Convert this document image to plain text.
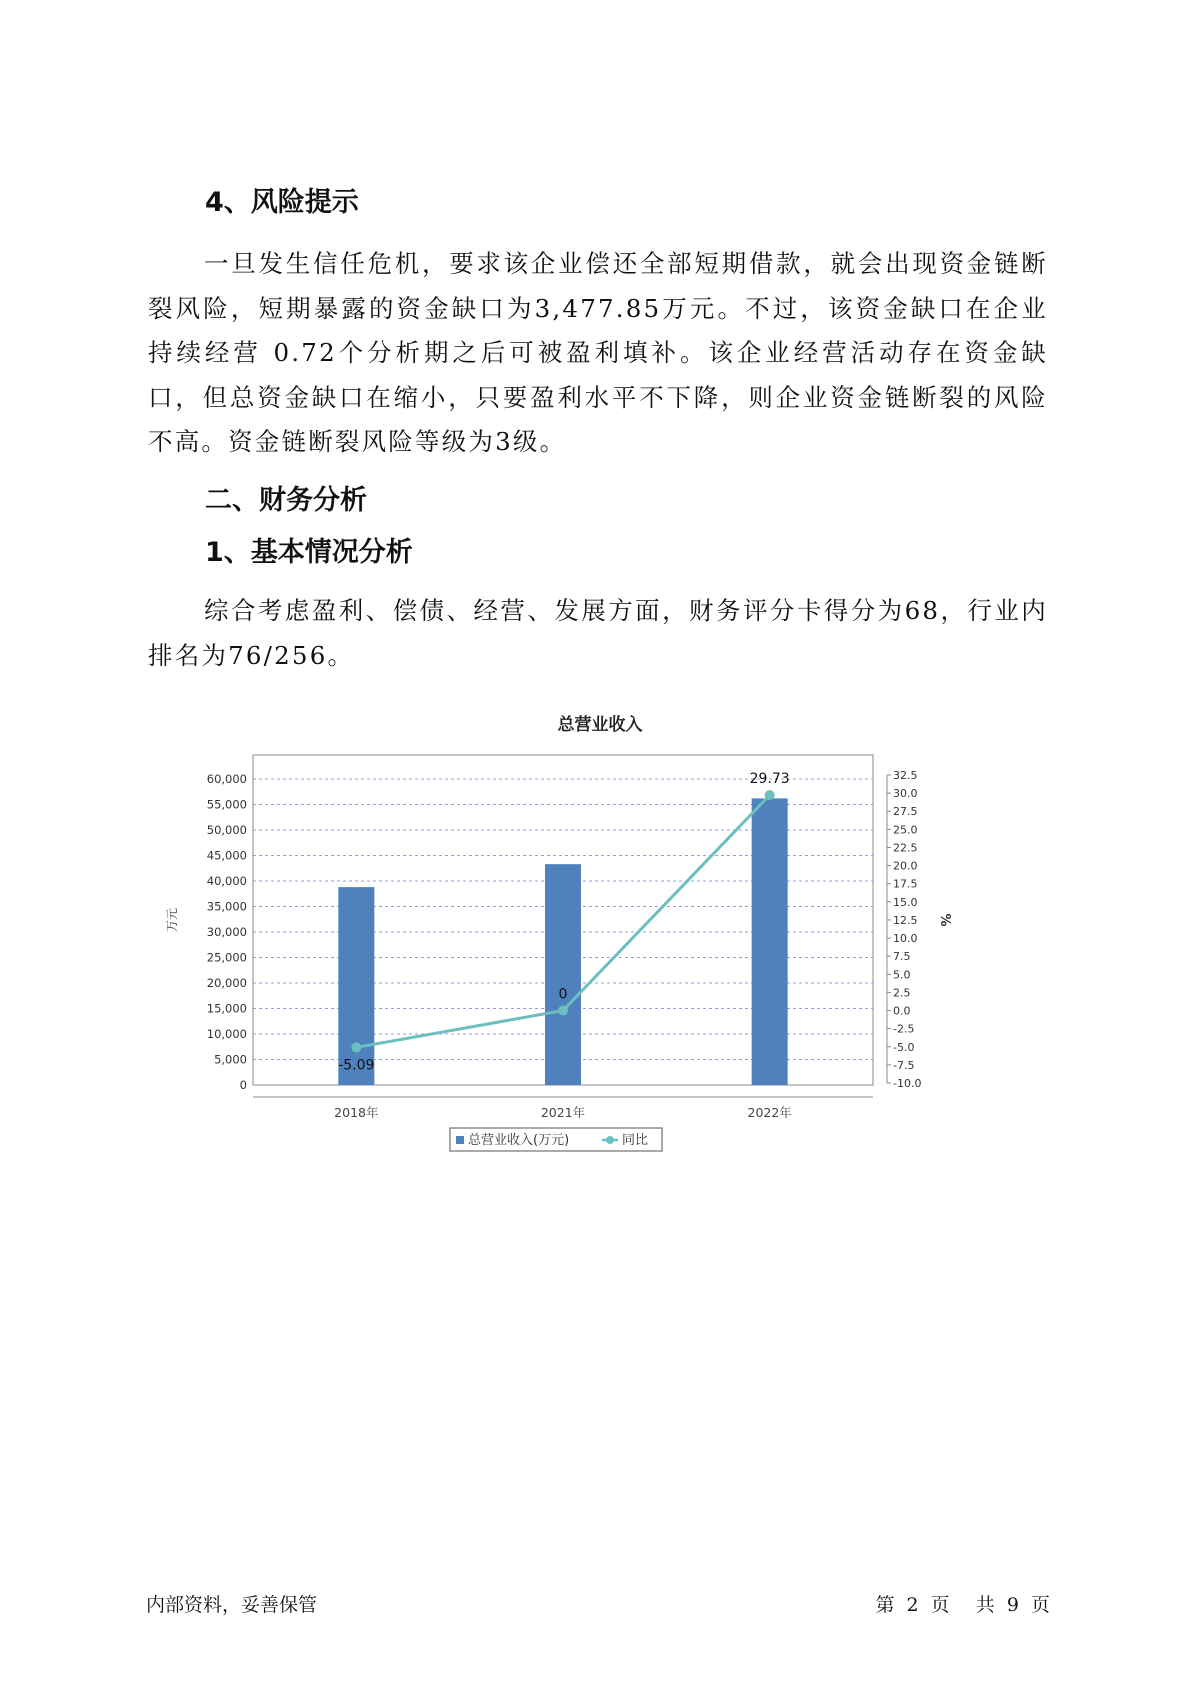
4、风险提示

一旦发生信任危机，要求该企业偿还全部短期借款，就会出现资金链断裂风险，短期暴露的资金缺口为3,477.85万元。不过，该资金缺口在企业持续经营 0.72个分析期之后可被盈利填补。该企业经营活动存在资金缺口，但总资金缺口在缩小，只要盈利水平不下降，则企业资金链断裂的风险不高。资金链断裂风险等级为3级。

二、财务分析
1、基本情况分析

综合考虑盈利、偿债、经营、发展方面，财务评分卡得分为68，行业内排名为76/256。

总营业收入
0
5,000
10,000
15,000
20,000
25,000
30,000
35,000
40,000
45,000
50,000
55,000
60,000
-10.0
-7.5
-5.0
-2.5
0.0
2.5
5.0
7.5
10.0
12.5
15.0
17.5
20.0
22.5
25.0
27.5
30.0
32.5
万元	%
2018年	2021年	2022年
-5.09
0
29.73
总营业收入(万元)	同比
内部资料，妥善保管	第 2 页 共 9 页
